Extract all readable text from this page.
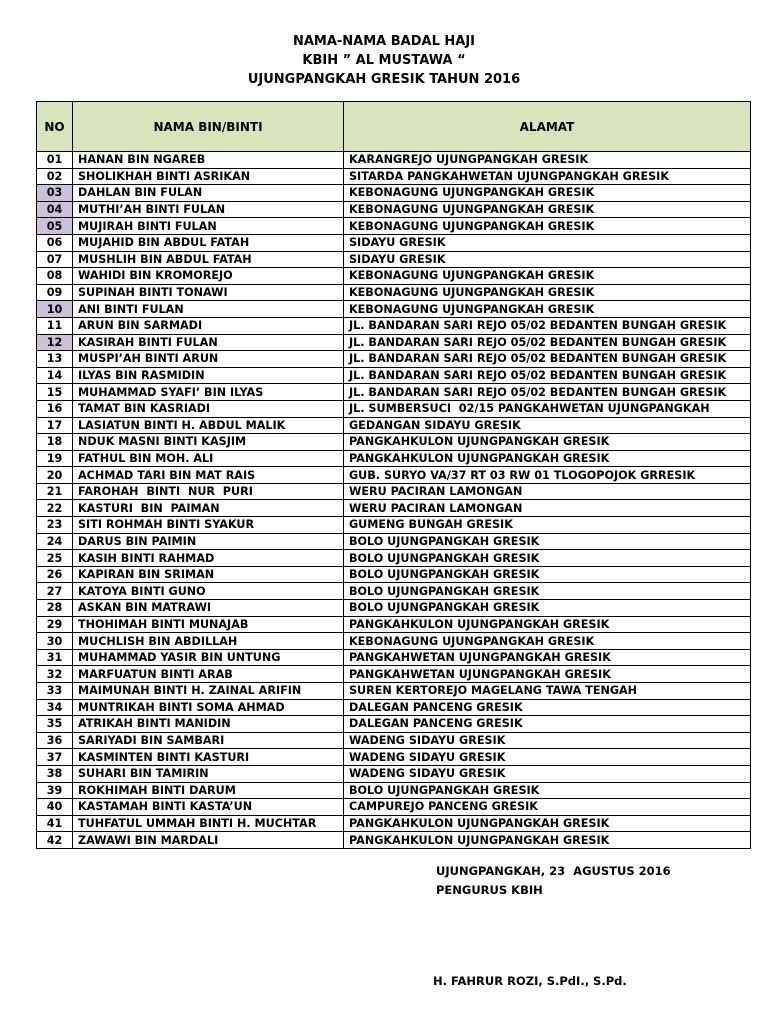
NAMA-NAMA BADAL HAJI
KBIH ” AL MUSTAWA “
UJUNGPANGKAH GRESIK TAHUN 2016
NO	NAMA BIN/BINTI	ALAMAT
01	HANAN BIN NGAREB	KARANGREJO UJUNGPANGKAH GRESIK
02	SHOLIKHAH BINTI ASRIKAN	SITARDA PANGKAHWETAN UJUNGPANGKAH GRESIK
03	DAHLAN BIN FULAN	KEBONAGUNG UJUNGPANGKAH GRESIK
04	MUTHI’AH BINTI FULAN	KEBONAGUNG UJUNGPANGKAH GRESIK
05	MUJIRAH BINTI FULAN	KEBONAGUNG UJUNGPANGKAH GRESIK
06	MUJAHID BIN ABDUL FATAH	SIDAYU GRESIK
07	MUSHLIH BIN ABDUL FATAH	SIDAYU GRESIK
08	WAHIDI BIN KROMOREJO	KEBONAGUNG UJUNGPANGKAH GRESIK
09	SUPINAH BINTI TONAWI	KEBONAGUNG UJUNGPANGKAH GRESIK
10	ANI BINTI FULAN	KEBONAGUNG UJUNGPANGKAH GRESIK
11	ARUN BIN SARMADI	JL. BANDARAN SARI REJO 05/02 BEDANTEN BUNGAH GRESIK
12	KASIRAH BINTI FULAN	JL. BANDARAN SARI REJO 05/02 BEDANTEN BUNGAH GRESIK
13	MUSPI’AH BINTI ARUN	JL. BANDARAN SARI REJO 05/02 BEDANTEN BUNGAH GRESIK
14	ILYAS BIN RASMIDIN	JL. BANDARAN SARI REJO 05/02 BEDANTEN BUNGAH GRESIK
15	MUHAMMAD SYAFI’ BIN ILYAS	JL. BANDARAN SARI REJO 05/02 BEDANTEN BUNGAH GRESIK
16	TAMAT BIN KASRIADI	JL. SUMBERSUCI  02/15 PANGKAHWETAN UJUNGPANGKAH
17	LASIATUN BINTI H. ABDUL MALIK	GEDANGAN SIDAYU GRESIK
18	NDUK MASNI BINTI KASJIM	PANGKAHKULON UJUNGPANGKAH GRESIK
19	FATHUL BIN MOH. ALI	PANGKAHKULON UJUNGPANGKAH GRESIK
20	ACHMAD TARI BIN MAT RAIS	GUB. SURYO VA/37 RT 03 RW 01 TLOGOPOJOK GRRESIK
21	FAROHAH  BINTI  NUR  PURI	WERU PACIRAN LAMONGAN
22	KASTURI  BIN  PAIMAN	WERU PACIRAN LAMONGAN
23	SITI ROHMAH BINTI SYAKUR	GUMENG BUNGAH GRESIK
24	DARUS BIN PAIMIN	BOLO UJUNGPANGKAH GRESIK
25	KASIH BINTI RAHMAD	BOLO UJUNGPANGKAH GRESIK
26	KAPIRAN BIN SRIMAN	BOLO UJUNGPANGKAH GRESIK
27	KATOYA BINTI GUNO	BOLO UJUNGPANGKAH GRESIK
28	ASKAN BIN MATRAWI	BOLO UJUNGPANGKAH GRESIK
29	THOHIMAH BINTI MUNAJAB	PANGKAHKULON UJUNGPANGKAH GRESIK
30	MUCHLISH BIN ABDILLAH	KEBONAGUNG UJUNGPANGKAH GRESIK
31	MUHAMMAD YASIR BIN UNTUNG	PANGKAHWETAN UJUNGPANGKAH GRESIK
32	MARFUATUN BINTI ARAB	PANGKAHWETAN UJUNGPANGKAH GRESIK
33	MAIMUNAH BINTI H. ZAINAL ARIFIN	SUREN KERTOREJO MAGELANG TAWA TENGAH
34	MUNTRIKAH BINTI SOMA AHMAD	DALEGAN PANCENG GRESIK
35	ATRIKAH BINTI MANIDIN	DALEGAN PANCENG GRESIK
36	SARIYADI BIN SAMBARI	WADENG SIDAYU GRESIK
37	KASMINTEN BINTI KASTURI	WADENG SIDAYU GRESIK
38	SUHARI BIN TAMIRIN	WADENG SIDAYU GRESIK
39	ROKHIMAH BINTI DARUM	BOLO UJUNGPANGKAH GRESIK
40	KASTAMAH BINTI KASTA’UN	CAMPUREJO PANCENG GRESIK
41	TUHFATUL UMMAH BINTI H. MUCHTAR	PANGKAHKULON UJUNGPANGKAH GRESIK
42	ZAWAWI BIN MARDALI	PANGKAHKULON UJUNGPANGKAH GRESIK
UJUNGPANGKAH, 23  AGUSTUS 2016
PENGURUS KBIH
H. FAHRUR ROZI, S.PdI., S.Pd.
